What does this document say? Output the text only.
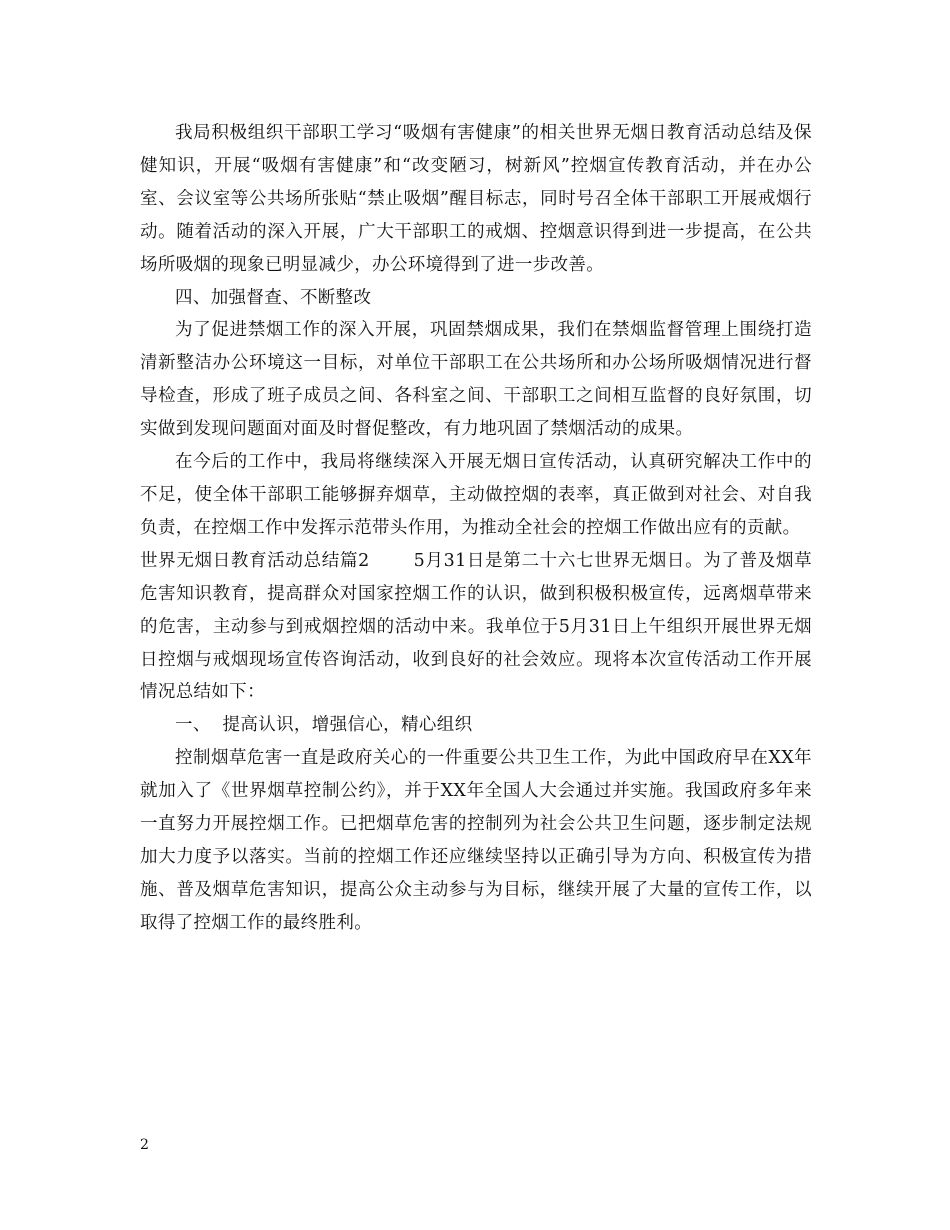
我局积极组织干部职工学习“吸烟有害健康”的相关世界无烟日教育活动总结及保健知识，开展“吸烟有害健康”和“改变陋习，树新风”控烟宣传教育活动，并在办公室、会议室等公共场所张贴“禁止吸烟”醒目标志，同时号召全体干部职工开展戒烟行动。随着活动的深入开展，广大干部职工的戒烟、控烟意识得到进一步提高，在公共场所吸烟的现象已明显减少，办公环境得到了进一步改善。

四、加强督查、不断整改

为了促进禁烟工作的深入开展，巩固禁烟成果，我们在禁烟监督管理上围绕打造清新整洁办公环境这一目标，对单位干部职工在公共场所和办公场所吸烟情况进行督导检查，形成了班子成员之间、各科室之间、干部职工之间相互监督的良好氛围，切实做到发现问题面对面及时督促整改，有力地巩固了禁烟活动的成果。

在今后的工作中，我局将继续深入开展无烟日宣传活动，认真研究解决工作中的不足，使全体干部职工能够摒弃烟草，主动做控烟的表率，真正做到对社会、对自我负责，在控烟工作中发挥示范带头作用，为推动全社会的控烟工作做出应有的贡献。

世界无烟日教育活动总结篇2	5月31日是第二十六七世界无烟日。为了普及烟草危害知识教育，提高群众对国家控烟工作的认识，做到积极积极宣传，远离烟草带来的危害，主动参与到戒烟控烟的活动中来。我单位于5月31日上午组织开展世界无烟日控烟与戒烟现场宣传咨询活动，收到良好的社会效应。现将本次宣传活动工作开展情况总结如下：

一、  提高认识，增强信心，精心组织

控制烟草危害一直是政府关心的一件重要公共卫生工作，为此中国政府早在XX年就加入了《世界烟草控制公约》，并于XX年全国人大会通过并实施。我国政府多年来一直努力开展控烟工作。已把烟草危害的控制列为社会公共卫生问题，逐步制定法规加大力度予以落实。当前的控烟工作还应继续坚持以正确引导为方向、积极宣传为措施、普及烟草危害知识，提高公众主动参与为目标，继续开展了大量的宣传工作，以取得了控烟工作的最终胜利。

2
